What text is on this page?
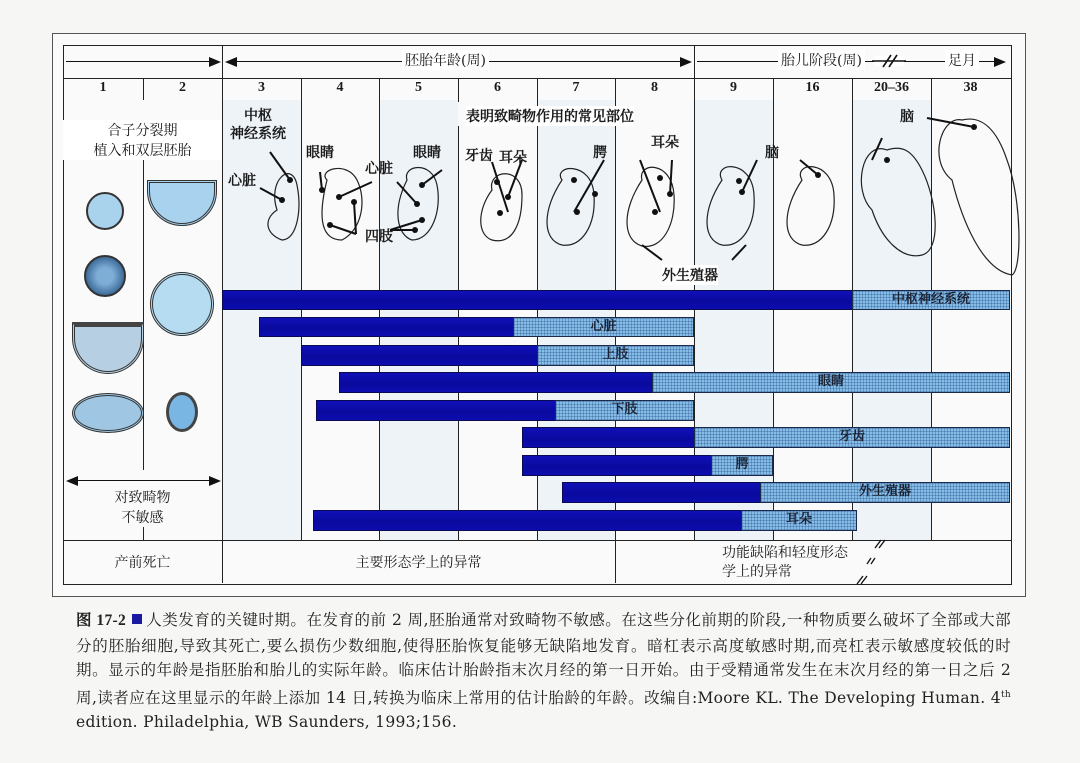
胚胎年龄(周)	胎儿阶段(周)	足月
1	2	3	4	5	6	7	8	9	16	20–36	38
合子分裂期
植入和双层胚胎
对致畸物
不敏感
中枢
神经系统
心脏
眼睛
心脏
眼睛
四肢
表明致畸物作用的常见部位
牙齿 耳朵	腭
耳朵
脑
脑
外生殖器
中枢神经系统
心脏
上肢
眼睛
下肢
牙齿
腭
外生殖器
耳朵
产前死亡	主要形态学上的异常
功能缺陷和轻度形态
学上的异常
图 17-2 人类发育的关键时期。在发育的前 2 周,胚胎通常对致畸物不敏感。在这些分化前期的阶段,一种物质要么破坏了全部或大部分的胚胎细胞,导致其死亡,要么损伤少数细胞,使得胚胎恢复能够无缺陷地发育。暗杠表示高度敏感时期,而亮杠表示敏感度较低的时期。显示的年龄是指胚胎和胎儿的实际年龄。临床估计胎龄指末次月经的第一日开始。由于受精通常发生在末次月经的第一日之后 2 周,读者应在这里显示的年龄上添加 14 日,转换为临床上常用的估计胎龄的年龄。改编自:Moore KL. The Developing Human. 4th edition. Philadelphia, WB Saunders, 1993;156.
